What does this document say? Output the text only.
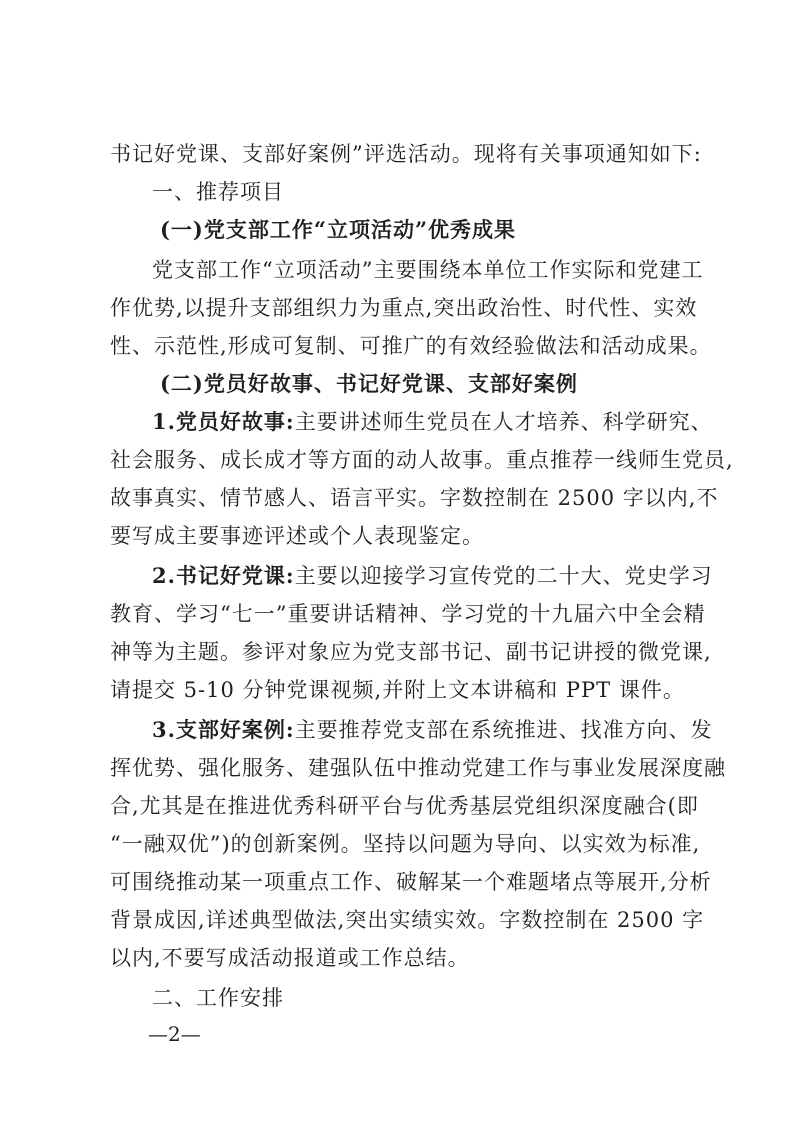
书记好党课、支部好案例”评选活动。现将有关事项通知如下:
一、推荐项目
(一)党支部工作“立项活动”优秀成果
党支部工作“立项活动”主要围绕本单位工作实际和党建工
作优势,以提升支部组织力为重点,突出政治性、时代性、实效
性、示范性,形成可复制、可推广的有效经验做法和活动成果。
(二)党员好故事、书记好党课、支部好案例
1.党员好故事:主要讲述师生党员在人才培养、科学研究、
社会服务、成长成才等方面的动人故事。重点推荐一线师生党员,
故事真实、情节感人、语言平实。字数控制在 2500 字以内,不
要写成主要事迹评述或个人表现鉴定。
2.书记好党课:主要以迎接学习宣传党的二十大、党史学习
教育、学习“七一”重要讲话精神、学习党的十九届六中全会精
神等为主题。参评对象应为党支部书记、副书记讲授的微党课,
请提交 5-10 分钟党课视频,并附上文本讲稿和 PPT 课件。
3.支部好案例:主要推荐党支部在系统推进、找准方向、发
挥优势、强化服务、建强队伍中推动党建工作与事业发展深度融
合,尤其是在推进优秀科研平台与优秀基层党组织深度融合(即
“一融双优”)的创新案例。坚持以问题为导向、以实效为标准,
可围绕推动某一项重点工作、破解某一个难题堵点等展开,分析
背景成因,详述典型做法,突出实绩实效。字数控制在 2500 字
以内,不要写成活动报道或工作总结。
二、工作安排
—2—
